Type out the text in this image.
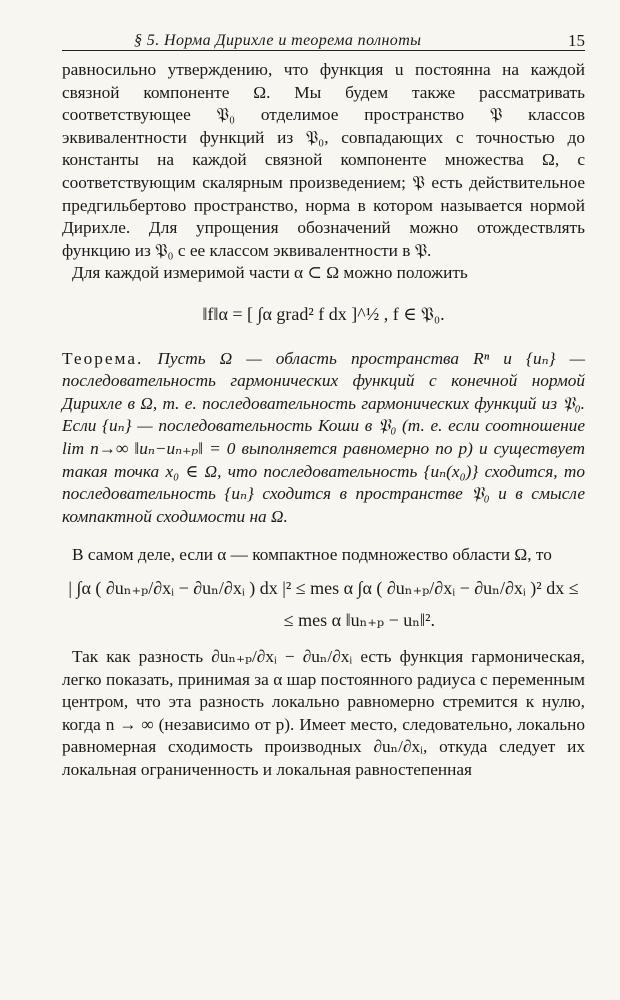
§ 5. Норма Дирихле и теорема полноты	15

равносильно утверждению, что функция u постоянна на каждой связной компоненте Ω. Мы будем также рассматривать соответствующее 𝔓₀ отделимое пространство 𝔓 классов эквивалентности функций из 𝔓₀, совпадающих с точностью до константы на каждой связной компоненте множества Ω, с соответствующим скалярным произведением; 𝔓 есть действительное предгильбертово пространство, норма в котором называется нормой Дирихле. Для упрощения обозначений можно отождествлять функцию из 𝔓₀ с ее классом эквивалентности в 𝔓.

Для каждой измеримой части α ⊂ Ω можно положить

‖f‖α = [ ∫α grad² f dx ]^½ , f ∈ 𝔓₀.

Теорема. Пусть Ω — область пространства Rⁿ и {uₙ} — последовательность гармонических функций с конечной нормой Дирихле в Ω, т. е. последовательность гармонических функций из 𝔓₀. Если {uₙ} — последовательность Коши в 𝔓₀ (т. е. если соотношение lim n→∞ ‖uₙ−uₙ₊ₚ‖ = 0 выполняется равномерно по p) и существует такая точка x₀ ∈ Ω, что последовательность {uₙ(x₀)} сходится, то последовательность {uₙ} сходится в пространстве 𝔓₀ и в смысле компактной сходимости на Ω.

В самом деле, если α — компактное подмножество области Ω, то

| ∫α ( ∂uₙ₊ₚ/∂xᵢ − ∂uₙ/∂xᵢ ) dx |² ≤ mes α ∫α ( ∂uₙ₊ₚ/∂xᵢ − ∂uₙ/∂xᵢ )² dx ≤
≤ mes α ‖uₙ₊ₚ − uₙ‖².

Так как разность ∂uₙ₊ₚ/∂xᵢ − ∂uₙ/∂xᵢ есть функция гармоническая, легко показать, принимая за α шар постоянного радиуса с переменным центром, что эта разность локально равномерно стремится к нулю, когда n → ∞ (независимо от p). Имеет место, следовательно, локально равномерная сходимость производных ∂uₙ/∂xᵢ, откуда следует их локальная ограниченность и локальная равностепенная
